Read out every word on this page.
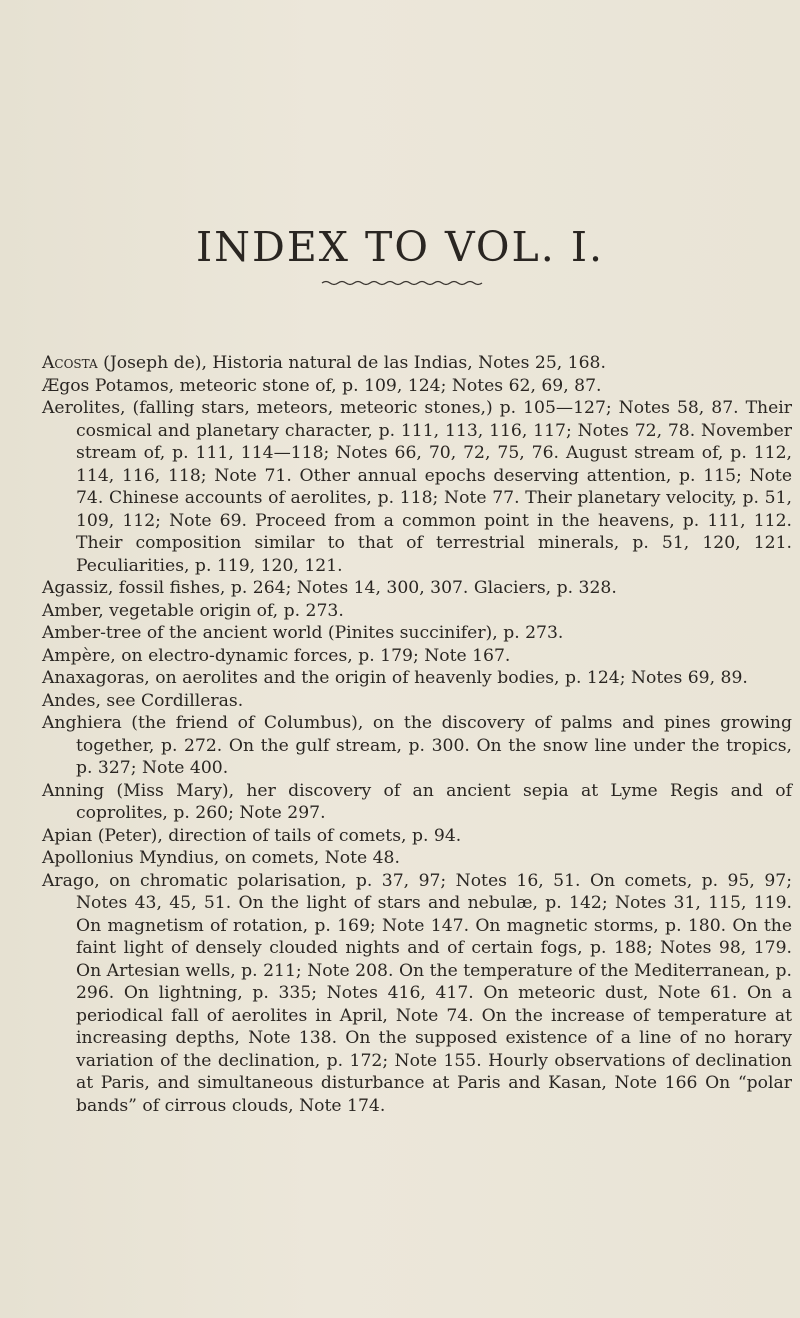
INDEX TO VOL. I.

Acosta (Joseph de), Historia natural de las Indias, Notes 25, 168.

Ægos Potamos, meteoric stone of, p. 109, 124; Notes 62, 69, 87.

Aerolites, (falling stars, meteors, meteoric stones,) p. 105—127; Notes 58, 87. Their cosmical and planetary character, p. 111, 113, 116, 117; Notes 72, 78. November stream of, p. 111, 114—118; Notes 66, 70, 72, 75, 76. August stream of, p. 112, 114, 116, 118; Note 71. Other annual epochs deserving attention, p. 115; Note 74. Chinese accounts of aerolites, p. 118; Note 77. Their planetary velocity, p. 51, 109, 112; Note 69. Proceed from a common point in the heavens, p. 111, 112. Their composition similar to that of terrestrial minerals, p. 51, 120, 121. Peculiarities, p. 119, 120, 121.

Agassiz, fossil fishes, p. 264; Notes 14, 300, 307. Glaciers, p. 328.

Amber, vegetable origin of, p. 273.

Amber-tree of the ancient world (Pinites succinifer), p. 273.

Ampère, on electro-dynamic forces, p. 179; Note 167.

Anaxagoras, on aerolites and the origin of heavenly bodies, p. 124; Notes 69, 89.

Andes, see Cordilleras.

Anghiera (the friend of Columbus), on the discovery of palms and pines growing together, p. 272. On the gulf stream, p. 300. On the snow line under the tropics, p. 327; Note 400.

Anning (Miss Mary), her discovery of an ancient sepia at Lyme Regis and of coprolites, p. 260; Note 297.

Apian (Peter), direction of tails of comets, p. 94.

Apollonius Myndius, on comets, Note 48.

Arago, on chromatic polarisation, p. 37, 97; Notes 16, 51. On comets, p. 95, 97; Notes 43, 45, 51. On the light of stars and nebulæ, p. 142; Notes 31, 115, 119. On magnetism of rotation, p. 169; Note 147. On magnetic storms, p. 180. On the faint light of densely clouded nights and of certain fogs, p. 188; Notes 98, 179. On Artesian wells, p. 211; Note 208. On the temperature of the Mediterranean, p. 296. On lightning, p. 335; Notes 416, 417. On meteoric dust, Note 61. On a periodical fall of aerolites in April, Note 74. On the increase of temperature at increasing depths, Note 138. On the supposed existence of a line of no horary variation of the declination, p. 172; Note 155. Hourly observations of declination at Paris, and simultaneous disturbance at Paris and Kasan, Note 166 On “polar bands” of cirrous clouds, Note 174.
